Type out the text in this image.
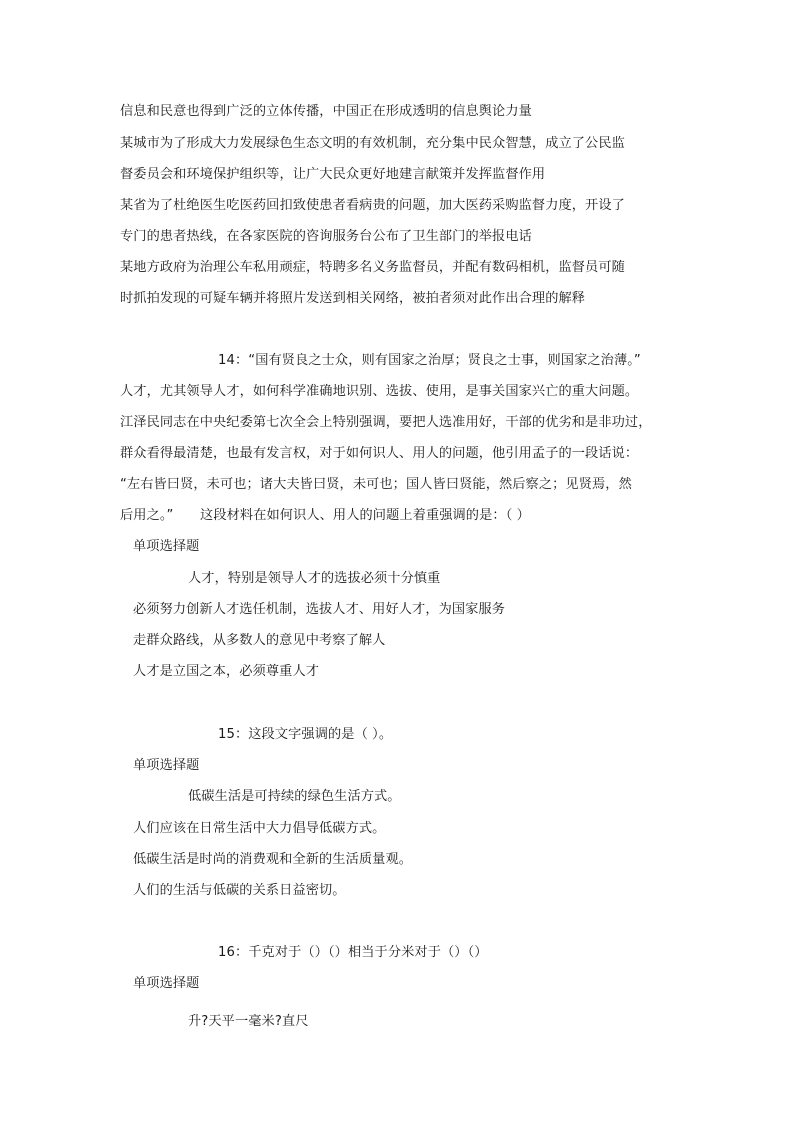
信息和民意也得到广泛的立体传播，中国正在形成透明的信息舆论力量

某城市为了形成大力发展绿色生态文明的有效机制，充分集中民众智慧，成立了公民监

督委员会和环境保护组织等，让广大民众更好地建言献策并发挥监督作用

某省为了杜绝医生吃医药回扣致使患者看病贵的问题，加大医药采购监督力度，开设了

专门的患者热线，在各家医院的咨询服务台公布了卫生部门的举报电话

某地方政府为治理公车私用顽症，特聘多名义务监督员，并配有数码相机，监督员可随

时抓拍发现的可疑车辆并将照片发送到相关网络，被拍者须对此作出合理的解释

14：“国有贤良之士众，则有国家之治厚；贤良之士事，则国家之治薄。”

人才，尤其领导人才，如何科学准确地识别、选拔、使用，是事关国家兴亡的重大问题。

江泽民同志在中央纪委第七次全会上特别强调，要把人选准用好，干部的优劣和是非功过，

群众看得最清楚，也最有发言权，对于如何识人、用人的问题，他引用孟子的一段话说：

“左右皆曰贤，未可也；诸大夫皆曰贤，未可也；国人皆曰贤能，然后察之；见贤焉，然

后用之。”　　这段材料在如何识人、用人的问题上着重强调的是：（ ）

单项选择题

人才，特别是领导人才的选拔必须十分慎重

必须努力创新人才选任机制，选拔人才、用好人才，为国家服务

走群众路线，从多数人的意见中考察了解人

人才是立国之本，必须尊重人才

15：这段文字强调的是（ ）。

单项选择题

低碳生活是可持续的绿色生活方式。

人们应该在日常生活中大力倡导低碳方式。

低碳生活是时尚的消费观和全新的生活质量观。

人们的生活与低碳的关系日益密切。

16：千克对于（）（）相当于分米对于（）（）

单项选择题

升?天平一毫米?直尺
